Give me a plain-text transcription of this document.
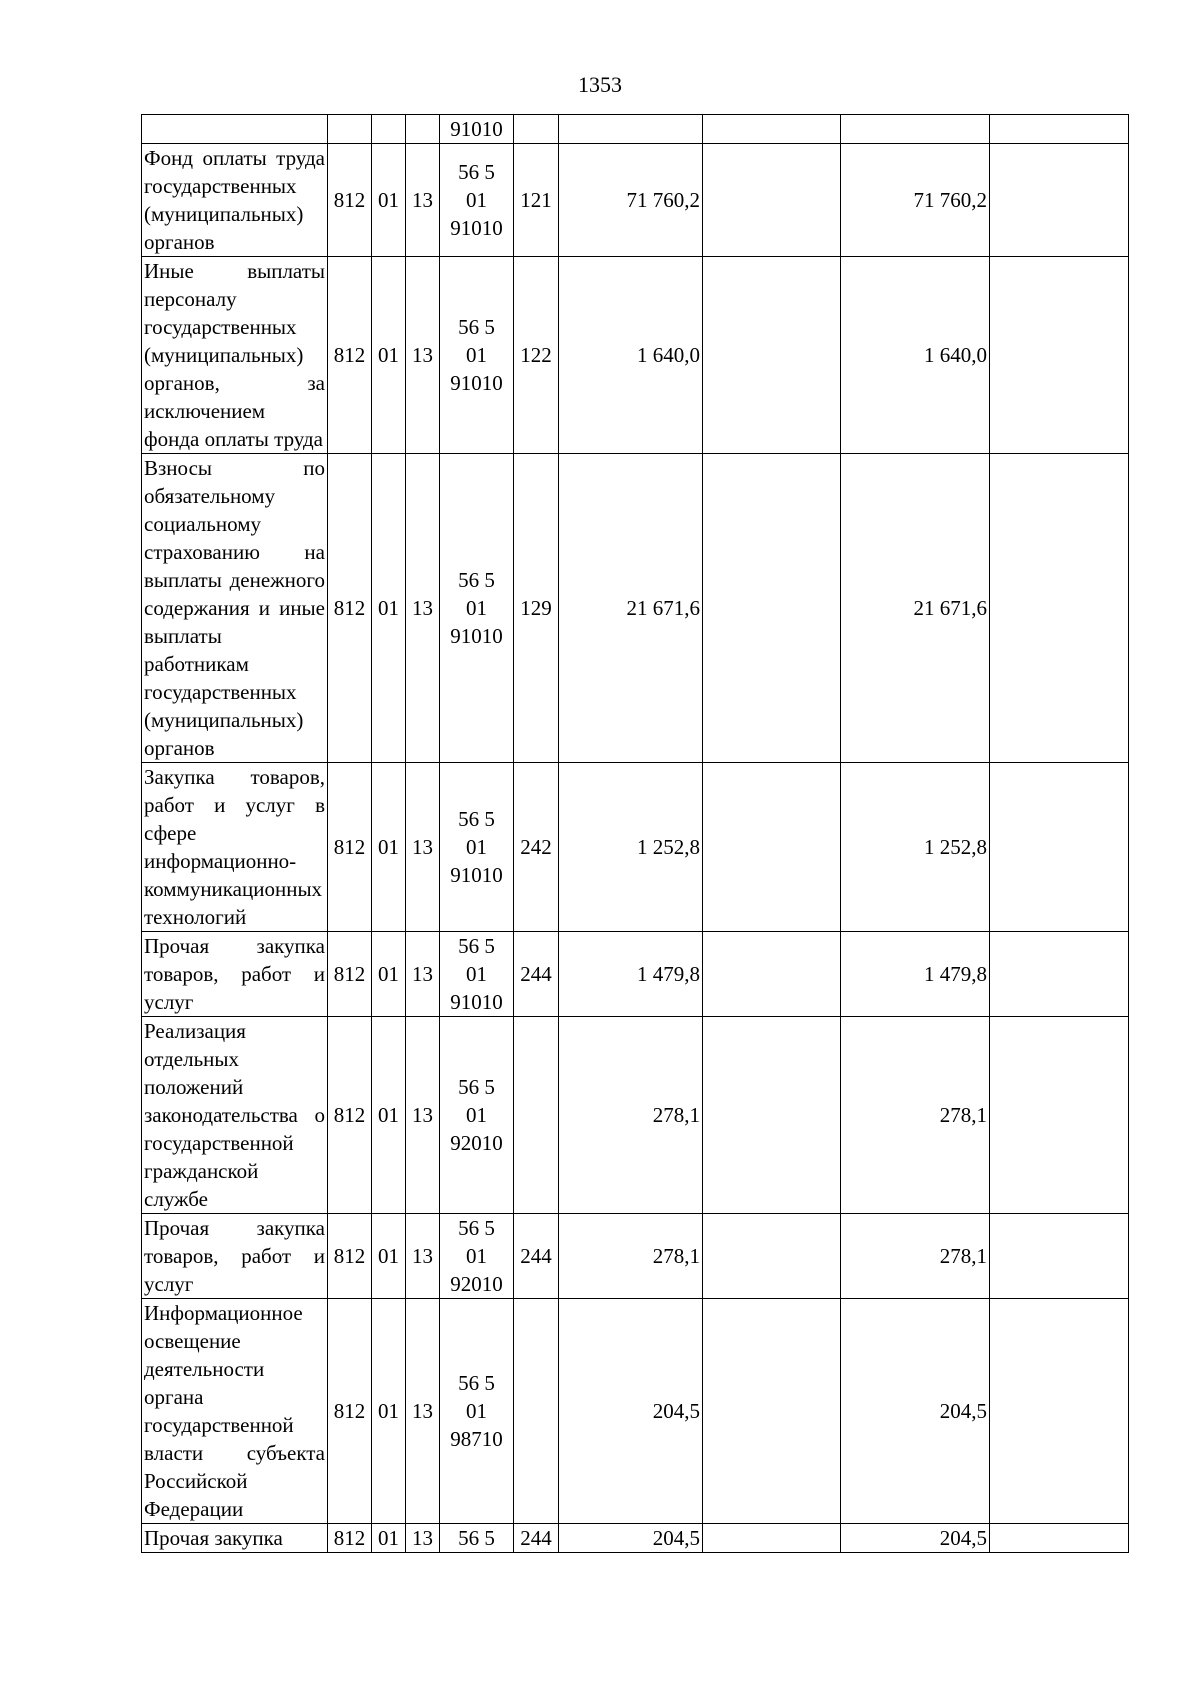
1353

				91010					

Фонд оплаты труда государственных (муниципальных) органов	812	01	13	56 5
01
91010	121	71 760,2		71 760,2	
Иные выплаты персоналу государственных (муниципальных) органов, за исключением фонда оплаты труда	812	01	13	56 5
01
91010	122	1 640,0		1 640,0	
Взносы по обязательному социальному страхованию на выплаты денежного содержания и иные выплаты работникам государственных (муниципальных) органов	812	01	13	56 5
01
91010	129	21 671,6		21 671,6	
Закупка товаров, работ и услуг в сфере информационно-коммуникационных технологий	812	01	13	56 5
01
91010	242	1 252,8		1 252,8	
Прочая закупка товаров, работ и услуг	812	01	13	56 5
01
91010	244	1 479,8		1 479,8	
Реализация отдельных положений законодательства о государственной гражданской службе	812	01	13	56 5
01
92010		278,1		278,1	
Прочая закупка товаров, работ и услуг	812	01	13	56 5
01
92010	244	278,1		278,1	
Информационное освещение деятельности органа государственной власти субъекта Российской Федерации	812	01	13	56 5
01
98710		204,5		204,5	
Прочая закупка	812	01	13	56 5	244	204,5		204,5	
